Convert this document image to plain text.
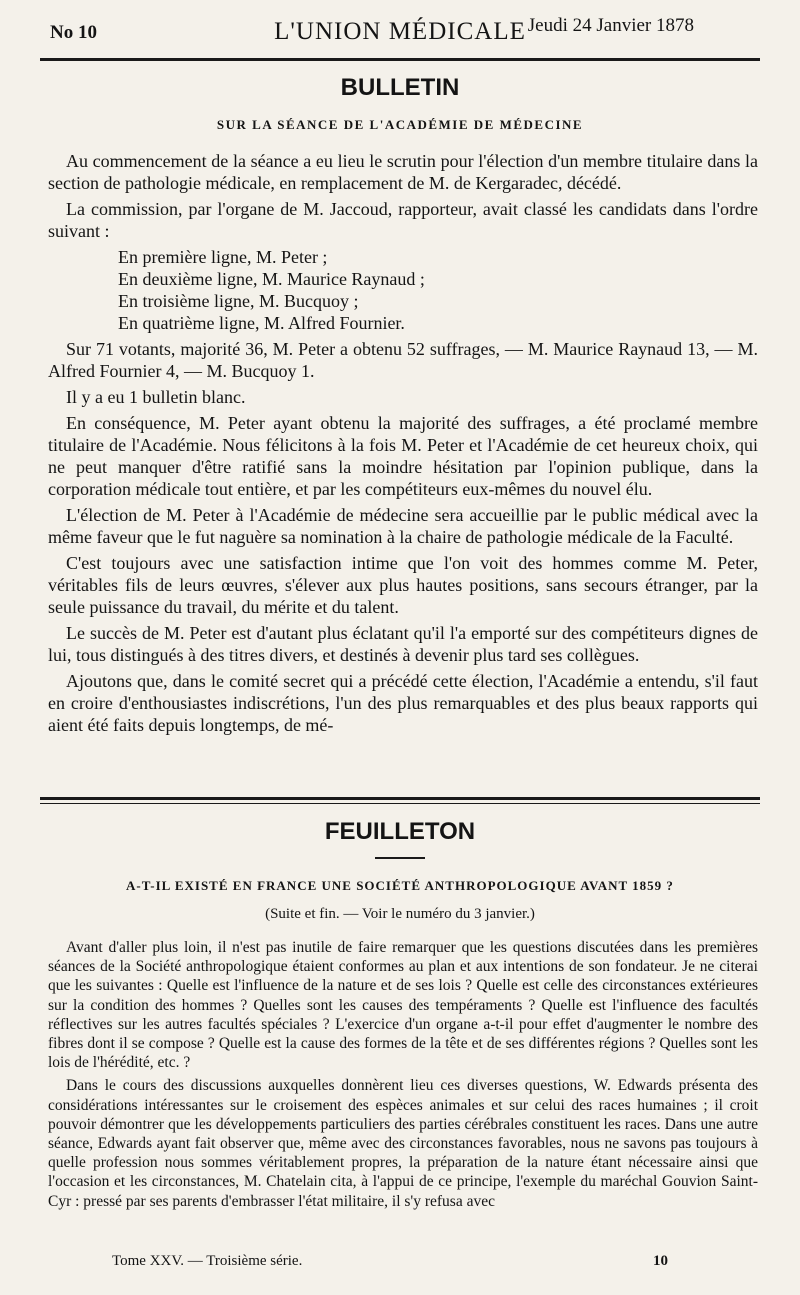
No 10	L'UNION MÉDICALE Jeudi 24 Janvier 1878
BULLETIN
SUR LA SÉANCE DE L'ACADÉMIE DE MÉDECINE

Au commencement de la séance a eu lieu le scrutin pour l'élection d'un membre titulaire dans la section de pathologie médicale, en remplacement de M. de Kergaradec, décédé.

La commission, par l'organe de M. Jaccoud, rapporteur, avait classé les candidats dans l'ordre suivant :

En première ligne, M. Peter ;

En deuxième ligne, M. Maurice Raynaud ;

En troisième ligne, M. Bucquoy ;

En quatrième ligne, M. Alfred Fournier.

Sur 71 votants, majorité 36, M. Peter a obtenu 52 suffrages, — M. Maurice Raynaud 13, — M. Alfred Fournier 4, — M. Bucquoy 1.

Il y a eu 1 bulletin blanc.

En conséquence, M. Peter ayant obtenu la majorité des suffrages, a été proclamé membre titulaire de l'Académie. Nous félicitons à la fois M. Peter et l'Académie de cet heureux choix, qui ne peut manquer d'être ratifié sans la moindre hésitation par l'opinion publique, dans la corporation médicale tout entière, et par les compétiteurs eux-mêmes du nouvel élu.

L'élection de M. Peter à l'Académie de médecine sera accueillie par le public médical avec la même faveur que le fut naguère sa nomination à la chaire de pathologie médicale de la Faculté.

C'est toujours avec une satisfaction intime que l'on voit des hommes comme M. Peter, véritables fils de leurs œuvres, s'élever aux plus hautes positions, sans secours étranger, par la seule puissance du travail, du mérite et du talent.

Le succès de M. Peter est d'autant plus éclatant qu'il l'a emporté sur des compétiteurs dignes de lui, tous distingués à des titres divers, et destinés à devenir plus tard ses collègues.

Ajoutons que, dans le comité secret qui a précédé cette élection, l'Académie a entendu, s'il faut en croire d'enthousiastes indiscrétions, l'un des plus remarquables et des plus beaux rapports qui aient été faits depuis longtemps, de mé-

FEUILLETON
A-T-IL EXISTÉ EN FRANCE UNE SOCIÉTÉ ANTHROPOLOGIQUE AVANT 1859 ?
(Suite et fin. — Voir le numéro du 3 janvier.)

Avant d'aller plus loin, il n'est pas inutile de faire remarquer que les questions discutées dans les premières séances de la Société anthropologique étaient conformes au plan et aux intentions de son fondateur. Je ne citerai que les suivantes : Quelle est l'influence de la nature et de ses lois ? Quelle est celle des circonstances extérieures sur la condition des hommes ? Quelles sont les causes des tempéraments ? Quelle est l'influence des facultés réflectives sur les autres facultés spéciales ? L'exercice d'un organe a-t-il pour effet d'augmenter le nombre des fibres dont il se compose ? Quelle est la cause des formes de la tête et de ses différentes régions ? Quelles sont les lois de l'hérédité, etc. ?

Dans le cours des discussions auxquelles donnèrent lieu ces diverses questions, W. Edwards présenta des considérations intéressantes sur le croisement des espèces animales et sur celui des races humaines ; il croit pouvoir démontrer que les développements particuliers des parties cérébrales constituent les races. Dans une autre séance, Edwards ayant fait observer que, même avec des circonstances favorables, nous ne savons pas toujours à quelle profession nous sommes véritablement propres, la préparation de la nature étant nécessaire ainsi que l'occasion et les circonstances, M. Chatelain cita, à l'appui de ce principe, l'exemple du maréchal Gouvion Saint-Cyr : pressé par ses parents d'embrasser l'état militaire, il s'y refusa avec

Tome XXV. — Troisième série.	10
